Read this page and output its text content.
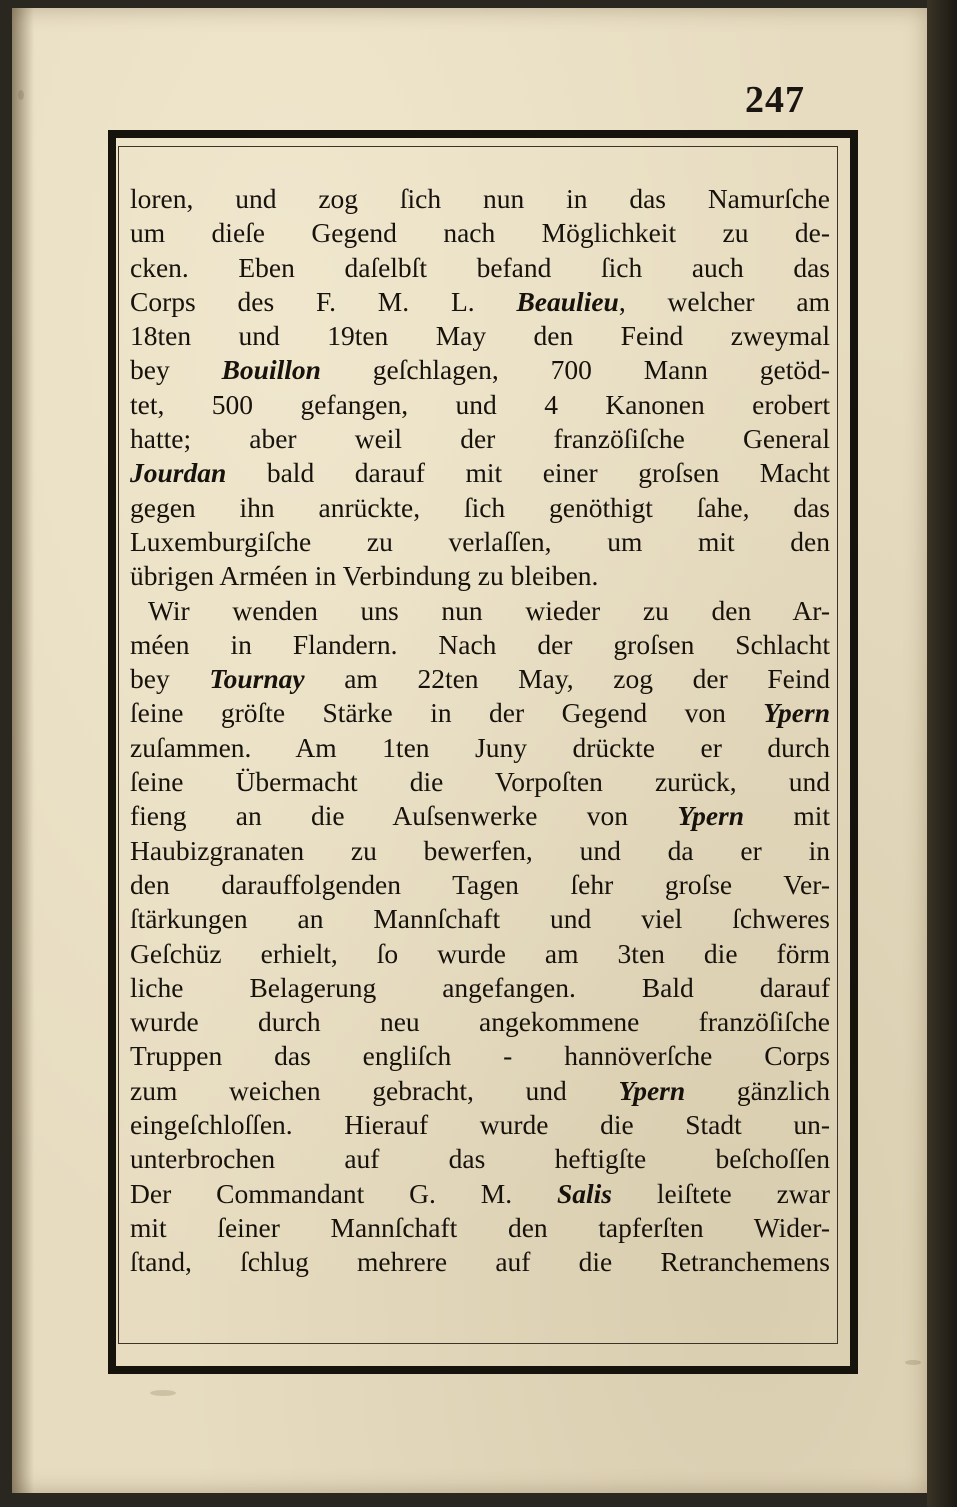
247
loren, und zog ſich nun in das Namurſche
um dieſe Gegend nach Möglichkeit zu de-
cken. Eben daſelbſt befand ſich auch das
Corps des F. M. L. Beaulieu, welcher am
18ten und 19ten May den Feind zweymal
bey Bouillon geſchlagen, 700 Mann getöd-
tet, 500 gefangen, und 4 Kanonen erobert
hatte; aber weil der franzöſiſche General
Jourdan bald darauf mit einer groſsen Macht
gegen ihn anrückte, ſich genöthigt ſahe, das
Luxemburgiſche zu verlaſſen, um mit den
übrigen Arméen in Verbindung zu bleiben.
Wir wenden uns nun wieder zu den Ar-
méen in Flandern. Nach der groſsen Schlacht
bey Tournay am 22ten May, zog der Feind
ſeine gröſte Stärke in der Gegend von Ypern
zuſammen. Am 1ten Juny drückte er durch
ſeine Übermacht die Vorpoſten zurück, und
fieng an die Auſsenwerke von Ypern mit
Haubizgranaten zu bewerfen, und da er in
den darauffolgenden Tagen ſehr groſse Ver-
ſtärkungen an Mannſchaft und viel ſchweres
Geſchüz erhielt, ſo wurde am 3ten die förm
liche Belagerung angefangen. Bald darauf
wurde durch neu angekommene franzöſiſche
Truppen das engliſch - hannöverſche Corps
zum weichen gebracht, und Ypern gänzlich
eingeſchloſſen. Hierauf wurde die Stadt un-
unterbrochen auf das heftigſte beſchoſſen
Der Commandant G. M. Salis leiſtete zwar
mit ſeiner Mannſchaft den tapferſten Wider-
ſtand, ſchlug mehrere auf die Retranchemens
